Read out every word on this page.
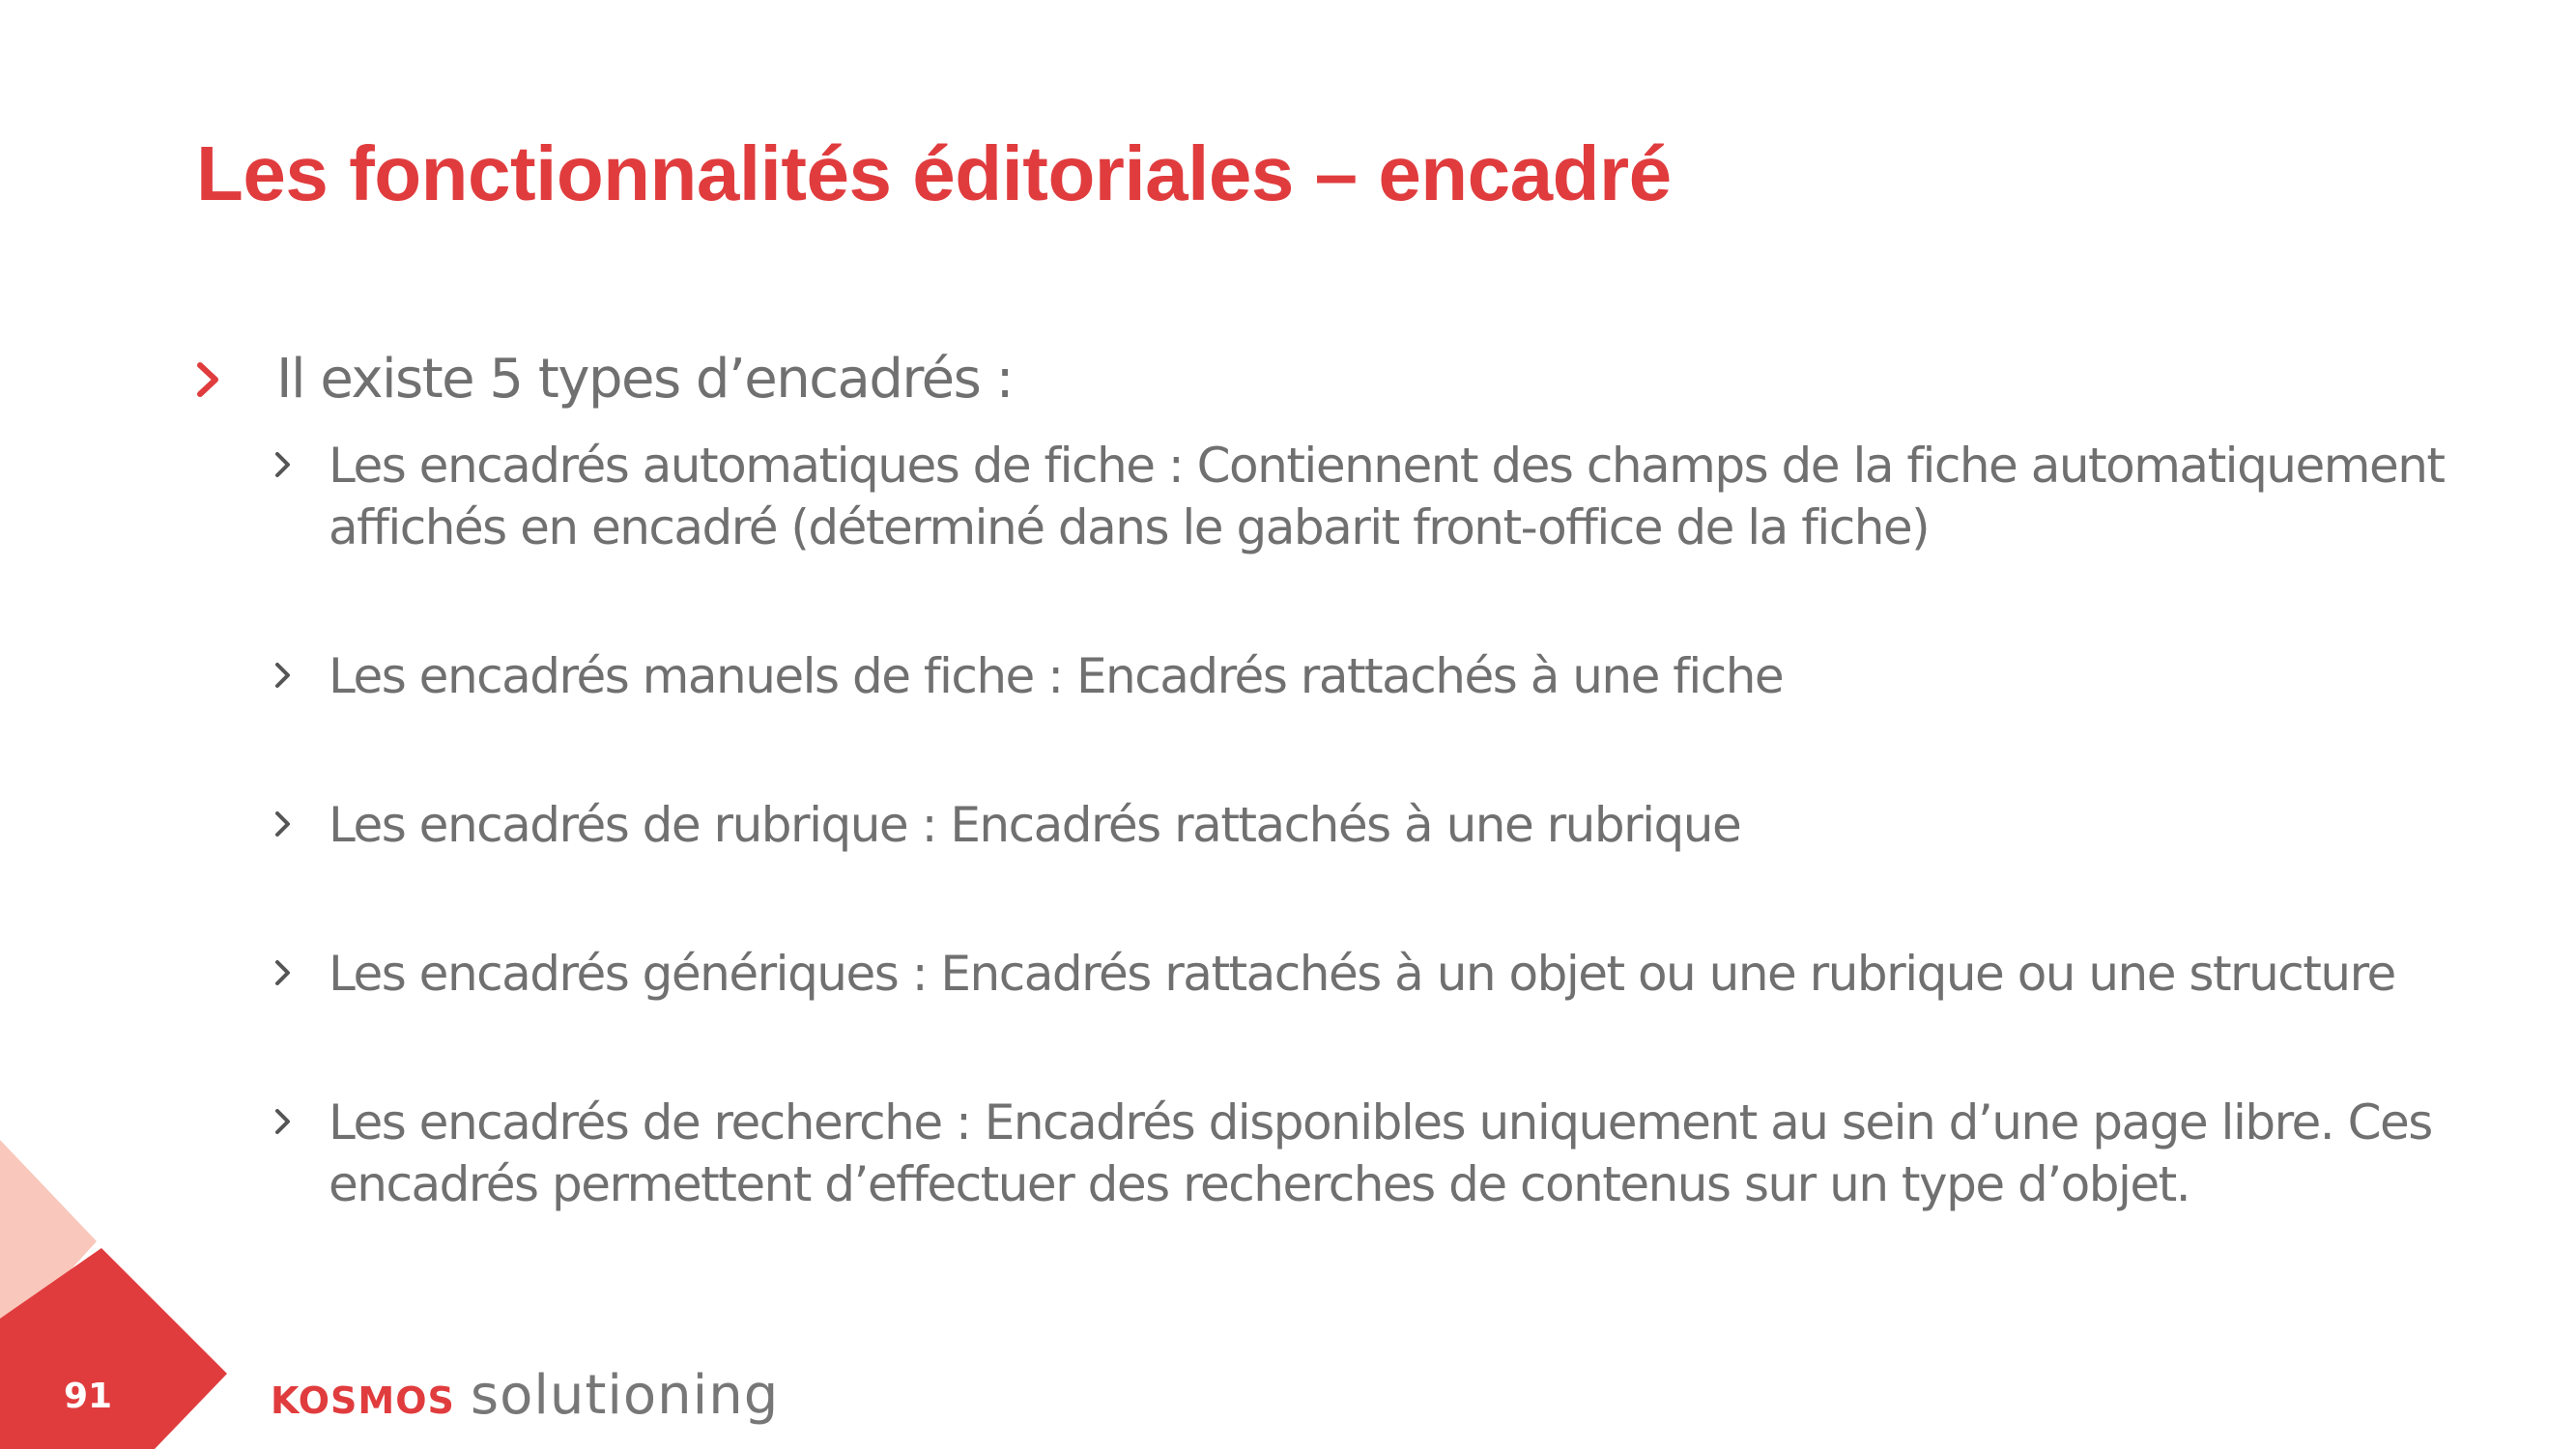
Les fonctionnalités éditoriales – encadré
Il existe 5 types d’encadrés :
Les encadrés automatiques de fiche : Contiennent des champs de la fiche automatiquement affichés en encadré (déterminé dans le gabarit front-office de la fiche)
Les encadrés manuels de fiche : Encadrés rattachés à une fiche
Les encadrés de rubrique : Encadrés rattachés à une rubrique
Les encadrés génériques : Encadrés rattachés à un objet ou une rubrique ou une structure
Les encadrés de recherche : Encadrés disponibles uniquement au sein d’une page libre. Ces encadrés permettent d’effectuer des recherches de contenus sur un type d’objet.
91	KOSMOS solutioning
